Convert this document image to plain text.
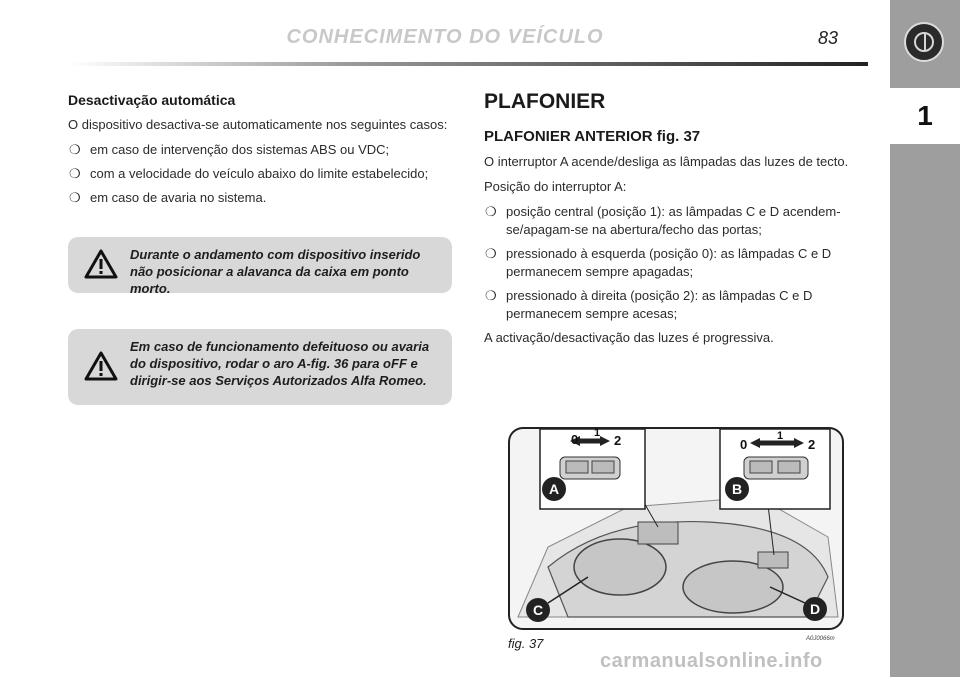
1
CONHECIMENTO DO VEÍCULO	83
Desactivação automática

O dispositivo desactiva-se automaticamente nos seguintes casos:

❍ em caso de intervenção dos sistemas ABS ou VDC;
❍ com a velocidade do veículo abaixo do limite estabelecido;
❍ em caso de avaria no sistema.
Durante o andamento com dispositivo inserido não posicionar a alavanca da caixa em ponto morto.
Em caso de funcionamento defeituoso ou avaria do dispositivo, rodar o aro A-fig. 36 para oFF e dirigir-se aos Serviços Autorizados Alfa Romeo.
PLAFONIER
PLAFONIER ANTERIOR fig. 37

O interruptor A acende/desliga as lâmpadas das luzes de tecto.

Posição do interruptor A:

❍ posição central (posição 1): as lâmpadas C e D acendem-se/apagam-se na abertura/fecho das portas;
❍ pressionado à esquerda (posição 0): as lâmpadas C e D permanecem sempre apagadas;
❍ pressionado à direita (posição 2): as lâmpadas C e D permanecem sempre acesas;

A activação/desactivação das luzes é progressiva.

0 1 2	0
1
2
A	B
C	D
fig. 37	A0J0066m
carmanualsonline.info
